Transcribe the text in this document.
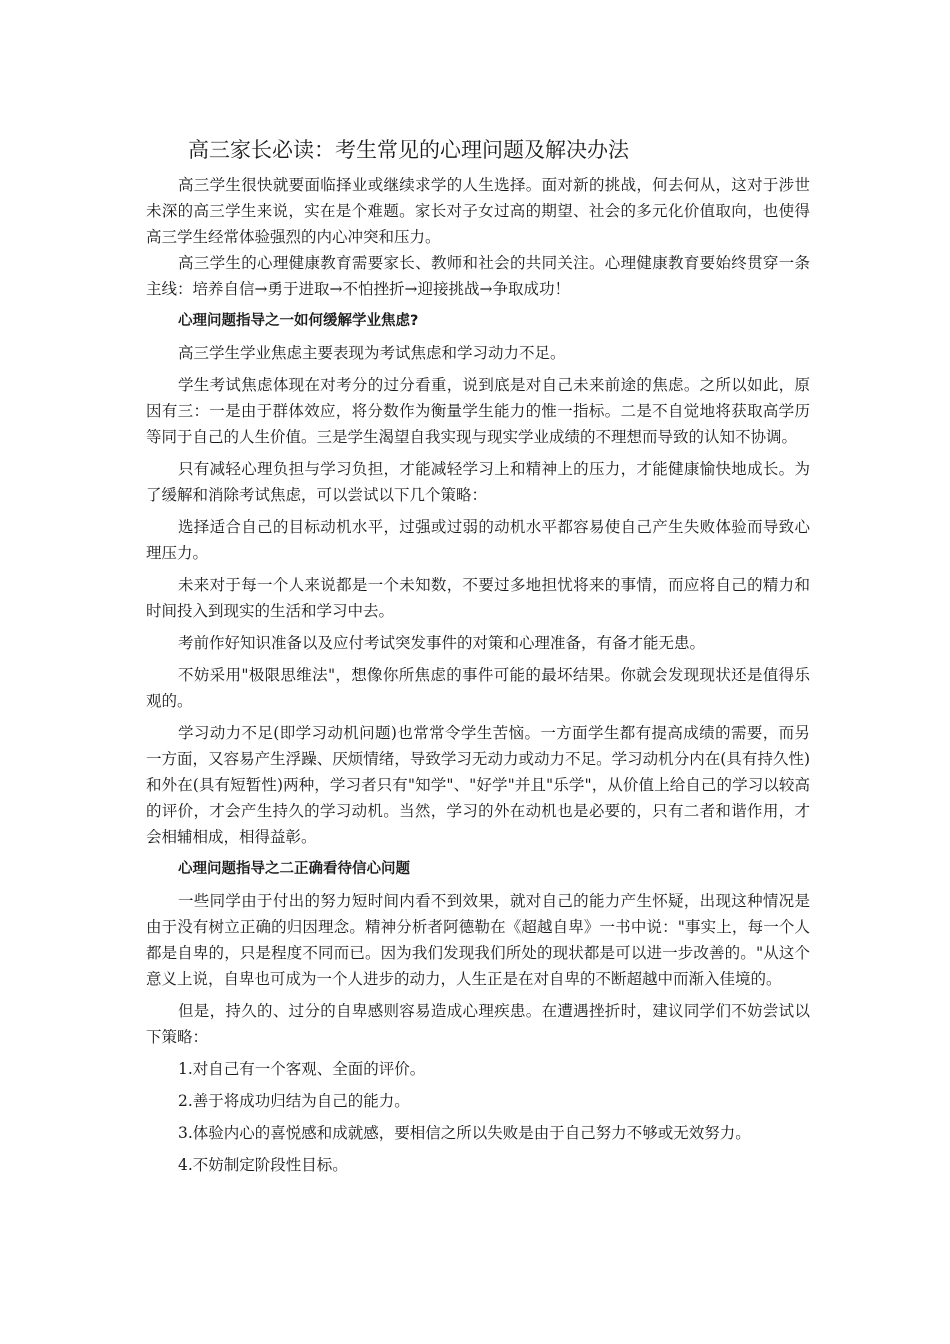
高三家长必读：考生常见的心理问题及解决办法

高三学生很快就要面临择业或继续求学的人生选择。面对新的挑战，何去何从，这对于涉世未深的高三学生来说，实在是个难题。家长对子女过高的期望、社会的多元化价值取向，也使得高三学生经常体验强烈的内心冲突和压力。

高三学生的心理健康教育需要家长、教师和社会的共同关注。心理健康教育要始终贯穿一条主线：培养自信→勇于进取→不怕挫折→迎接挑战→争取成功！

心理问题指导之一如何缓解学业焦虑?

高三学生学业焦虑主要表现为考试焦虑和学习动力不足。

学生考试焦虑体现在对考分的过分看重，说到底是对自己未来前途的焦虑。之所以如此，原因有三：一是由于群体效应，将分数作为衡量学生能力的惟一指标。二是不自觉地将获取高学历等同于自己的人生价值。三是学生渴望自我实现与现实学业成绩的不理想而导致的认知不协调。

只有减轻心理负担与学习负担，才能减轻学习上和精神上的压力，才能健康愉快地成长。为了缓解和消除考试焦虑，可以尝试以下几个策略：

选择适合自己的目标动机水平，过强或过弱的动机水平都容易使自己产生失败体验而导致心理压力。

未来对于每一个人来说都是一个未知数，不要过多地担忧将来的事情，而应将自己的精力和时间投入到现实的生活和学习中去。

考前作好知识准备以及应付考试突发事件的对策和心理准备，有备才能无患。

不妨采用"极限思维法"，想像你所焦虑的事件可能的最坏结果。你就会发现现状还是值得乐观的。

学习动力不足(即学习动机问题)也常常令学生苦恼。一方面学生都有提高成绩的需要，而另一方面，又容易产生浮躁、厌烦情绪，导致学习无动力或动力不足。学习动机分内在(具有持久性)和外在(具有短暂性)两种，学习者只有"知学"、"好学"并且"乐学"，从价值上给自己的学习以较高的评价，才会产生持久的学习动机。当然，学习的外在动机也是必要的，只有二者和谐作用，才会相辅相成，相得益彰。

心理问题指导之二正确看待信心问题

一些同学由于付出的努力短时间内看不到效果，就对自己的能力产生怀疑，出现这种情况是由于没有树立正确的归因理念。精神分析者阿德勒在《超越自卑》一书中说："事实上，每一个人都是自卑的，只是程度不同而已。因为我们发现我们所处的现状都是可以进一步改善的。"从这个意义上说，自卑也可成为一个人进步的动力，人生正是在对自卑的不断超越中而渐入佳境的。

但是，持久的、过分的自卑感则容易造成心理疾患。在遭遇挫折时，建议同学们不妨尝试以下策略：

1.对自己有一个客观、全面的评价。

2.善于将成功归结为自己的能力。

3.体验内心的喜悦感和成就感，要相信之所以失败是由于自己努力不够或无效努力。

4.不妨制定阶段性目标。
